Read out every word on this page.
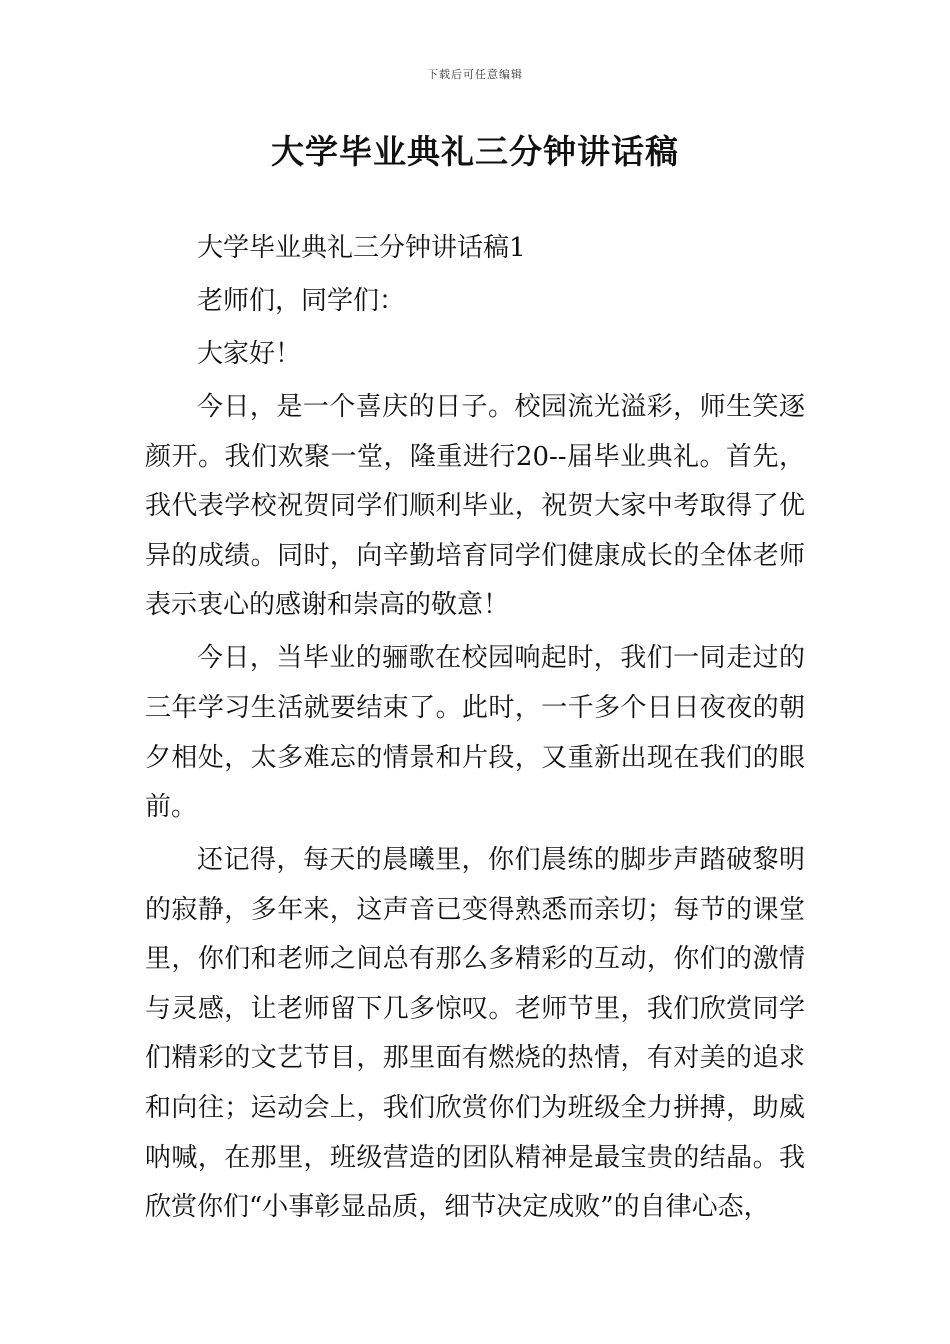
下载后可任意编辑
大学毕业典礼三分钟讲话稿

大学毕业典礼三分钟讲话稿1

老师们，同学们：

大家好！

今日，是一个喜庆的日子。校园流光溢彩，师生笑逐颜开。我们欢聚一堂，隆重进行20--届毕业典礼。首先，我代表学校祝贺同学们顺利毕业，祝贺大家中考取得了优异的成绩。同时，向辛勤培育同学们健康成长的全体老师表示衷心的感谢和崇高的敬意！

今日，当毕业的骊歌在校园响起时，我们一同走过的三年学习生活就要结束了。此时，一千多个日日夜夜的朝夕相处，太多难忘的情景和片段，又重新出现在我们的眼前。

还记得，每天的晨曦里，你们晨练的脚步声踏破黎明的寂静，多年来，这声音已变得熟悉而亲切；每节的课堂里，你们和老师之间总有那么多精彩的互动，你们的激情与灵感，让老师留下几多惊叹。老师节里，我们欣赏同学们精彩的文艺节目，那里面有燃烧的热情，有对美的追求和向往；运动会上，我们欣赏你们为班级全力拼搏，助威呐喊，在那里，班级营造的团队精神是最宝贵的结晶。我欣赏你们“小事彰显品质，细节决定成败”的自律心态，
